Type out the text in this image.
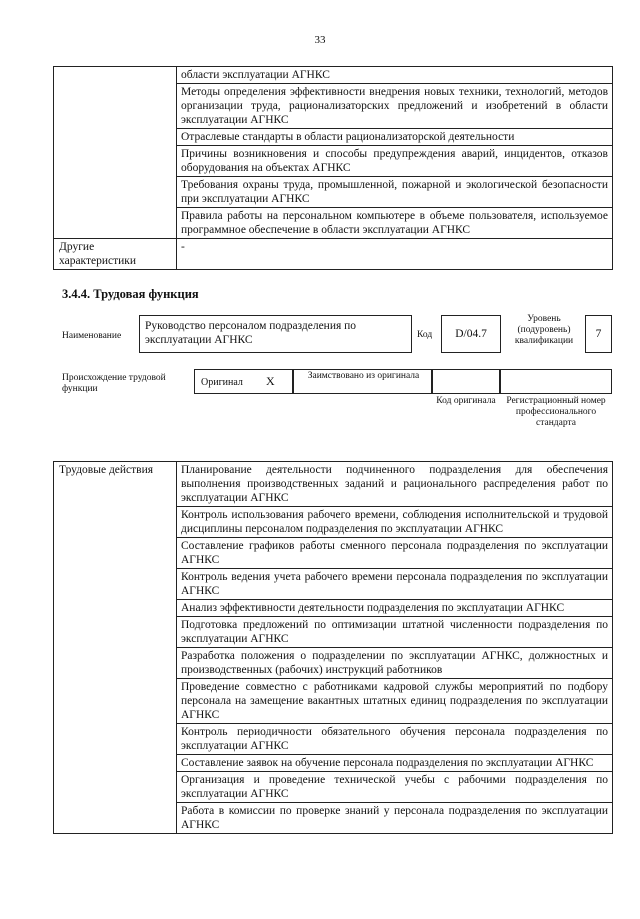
33
	области эксплуатации АГНКС
	Методы определения эффективности внедрения новых техники, технологий, методов организации труда, рационализаторских предложений и изобретений в области эксплуатации АГНКС
	Отраслевые стандарты в области рационализаторской деятельности
	Причины возникновения и способы предупреждения аварий, инцидентов, отказов оборудования на объектах АГНКС
	Требования охраны труда, промышленной, пожарной и экологической безопасности при эксплуатации АГНКС
	Правила работы на персональном компьютере в объеме пользователя, используемое программное обеспечение в области эксплуатации АГНКС
Другие характеристики	-
3.4.4. Трудовая функция
Наименование
Руководство персоналом подразделения по эксплуатации АГНКС	Код	D/04.7
Уровень (подуровень) квалификации
7
Происхождение трудовой функции
Оригинал X	Заимствовано из оригинала
Код оригинала	Регистрационный номер профессионального стандарта
Трудовые действия	Планирование деятельности подчиненного подразделения для обеспечения выполнения производственных заданий и рационального распределения работ по эксплуатации АГНКС
Контроль использования рабочего времени, соблюдения исполнительской и трудовой дисциплины персоналом подразделения по эксплуатации АГНКС
Составление графиков работы сменного персонала подразделения по эксплуатации АГНКС
Контроль ведения учета рабочего времени персонала подразделения по эксплуатации АГНКС
Анализ эффективности деятельности подразделения по эксплуатации АГНКС
Подготовка предложений по оптимизации штатной численности подразделения по эксплуатации АГНКС
Разработка положения о подразделении по эксплуатации АГНКС, должностных и производственных (рабочих) инструкций работников
Проведение совместно с работниками кадровой службы мероприятий по подбору персонала на замещение вакантных штатных единиц подразделения по эксплуатации АГНКС
Контроль периодичности обязательного обучения персонала подразделения по эксплуатации АГНКС
Составление заявок на обучение персонала подразделения по эксплуатации АГНКС
Организация и проведение технической учебы с рабочими подразделения по эксплуатации АГНКС
Работа в комиссии по проверке знаний у персонала подразделения по эксплуатации АГНКС
